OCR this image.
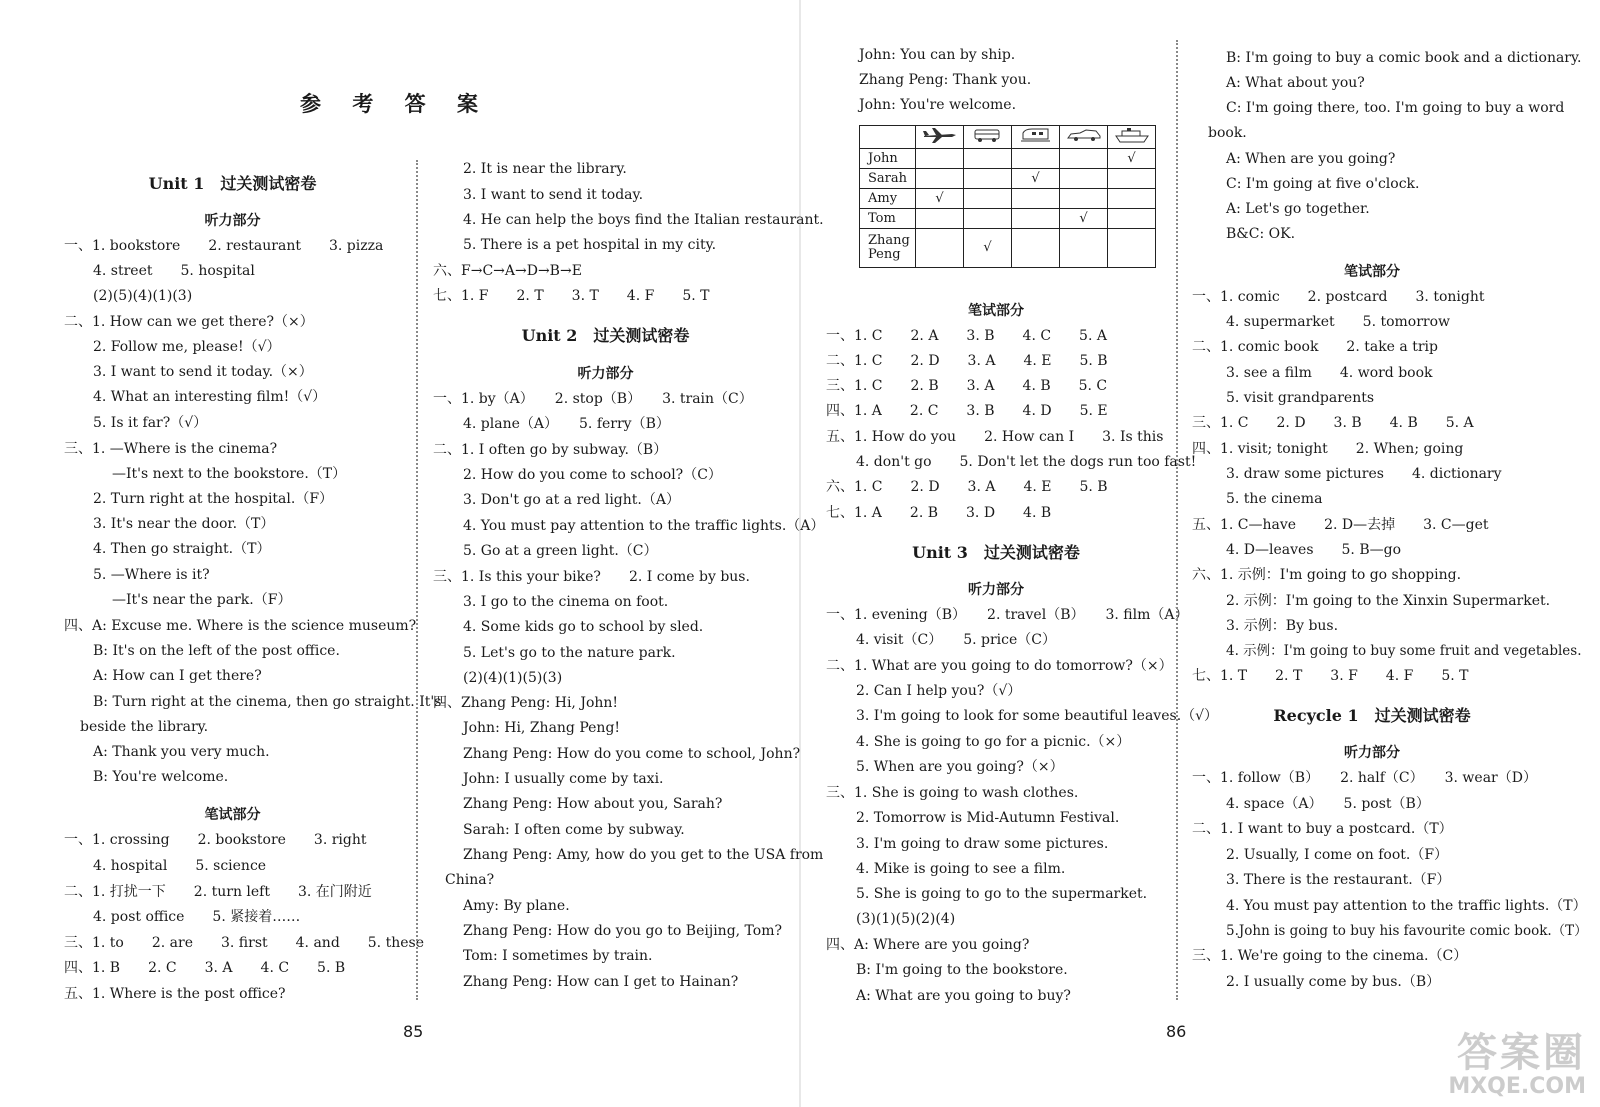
参 考 答 案
Unit 1　过关测试密卷
听力部分
一、1. bookstore　　2. restaurant　　3. pizza
4. street　　5. hospital
(2)(5)(4)(1)(3)
二、1. How can we get there?（×）
2. Follow me, please!（√）
3. I want to send it today.（×）
4. What an interesting film!（√）
5. Is it far?（√）
三、1. —Where is the cinema?
—It's next to the bookstore.（T）
2. Turn right at the hospital.（F）
3. It's near the door.（T）
4. Then go straight.（T）
5. —Where is it?
—It's near the park.（F）
四、A: Excuse me. Where is the science museum?
B: It's on the left of the post office.
A: How can I get there?
B: Turn right at the cinema, then go straight. It's
beside the library.
A: Thank you very much.
B: You're welcome.
笔试部分
一、1. crossing　　2. bookstore　　3. right
4. hospital　　5. science
二、1. 打扰一下　　2. turn left　　3. 在门附近
4. post office　　5. 紧接着……
三、1. to　　2. are　　3. first　　4. and　　5. these
四、1. B　　2. C　　3. A　　4. C　　5. B
五、1. Where is the post office?
2. It is near the library.
3. I want to send it today.
4. He can help the boys find the Italian restaurant.
5. There is a pet hospital in my city.
六、F→C→A→D→B→E
七、1. F　　2. T　　3. T　　4. F　　5. T
Unit 2　过关测试密卷
听力部分
一、1. by（A）　　2. stop（B）　　3. train（C）
4. plane（A）　　5. ferry（B）
二、1. I often go by subway.（B）
2. How do you come to school?（C）
3. Don't go at a red light.（A）
4. You must pay attention to the traffic lights.（A）
5. Go at a green light.（C）
三、1. Is this your bike?　　2. I come by bus.
3. I go to the cinema on foot.
4. Some kids go to school by sled.
5. Let's go to the nature park.
(2)(4)(1)(5)(3)
四、Zhang Peng: Hi, John!
John: Hi, Zhang Peng!
Zhang Peng: How do you come to school, John?
John: I usually come by taxi.
Zhang Peng: How about you, Sarah?
Sarah: I often come by subway.
Zhang Peng: Amy, how do you get to the USA from
China?
Amy: By plane.
Zhang Peng: How do you go to Beijing, Tom?
Tom: I sometimes by train.
Zhang Peng: How can I get to Hainan?
85
John: You can by ship.
Zhang Peng: Thank you.
John: You're welcome.

John					√
Sarah			√		
Amy	√				
Tom				√	
Zhang Peng		√			
笔试部分
一、1. C　　2. A　　3. B　　4. C　　5. A
二、1. C　　2. D　　3. A　　4. E　　5. B
三、1. C　　2. B　　3. A　　4. B　　5. C
四、1. A　　2. C　　3. B　　4. D　　5. E
五、1. How do you　　2. How can I　　3. Is this
4. don't go　　5. Don't let the dogs run too fast!
六、1. C　　2. D　　3. A　　4. E　　5. B
七、1. A　　2. B　　3. D　　4. B
Unit 3　过关测试密卷
听力部分
一、1. evening（B）　　2. travel（B）　　3. film（A）
4. visit（C）　　5. price（C）
二、1. What are you going to do tomorrow?（×）
2. Can I help you?（√）
3. I'm going to look for some beautiful leaves.（√）
4. She is going to go for a picnic.（×）
5. When are you going?（×）
三、1. She is going to wash clothes.
2. Tomorrow is Mid-Autumn Festival.
3. I'm going to draw some pictures.
4. Mike is going to see a film.
5. She is going to go to the supermarket.
(3)(1)(5)(2)(4)
四、A: Where are you going?
B: I'm going to the bookstore.
A: What are you going to buy?
B: I'm going to buy a comic book and a dictionary.
A: What about you?
C: I'm going there, too. I'm going to buy a word
book.
A: When are you going?
C: I'm going at five o'clock.
A: Let's go together.
B&C: OK.
笔试部分
一、1. comic　　2. postcard　　3. tonight
4. supermarket　　5. tomorrow
二、1. comic book　　2. take a trip
3. see a film　　4. word book
5. visit grandparents
三、1. C　　2. D　　3. B　　4. B　　5. A
四、1. visit; tonight　　2. When; going
3. draw some pictures　　4. dictionary
5. the cinema
五、1. C—have　　2. D—去掉　　3. C—get
4. D—leaves　　5. B—go
六、1. 示例：I'm going to go shopping.
2. 示例：I'm going to the Xinxin Supermarket.
3. 示例：By bus.
4. 示例：I'm going to buy some fruit and vegetables.
七、1. T　　2. T　　3. F　　4. F　　5. T
Recycle 1　过关测试密卷
听力部分
一、1. follow（B）　　2. half（C）　　3. wear（D）
4. space（A）　　5. post（B）
二、1. I want to buy a postcard.（T）
2. Usually, I come on foot.（F）
3. There is the restaurant.（F）
4. You must pay attention to the traffic lights.（T）
5.John is going to buy his favourite comic book.（T）
三、1. We're going to the cinema.（C）
2. I usually come by bus.（B）
86	答案圈
MXQE.COM
